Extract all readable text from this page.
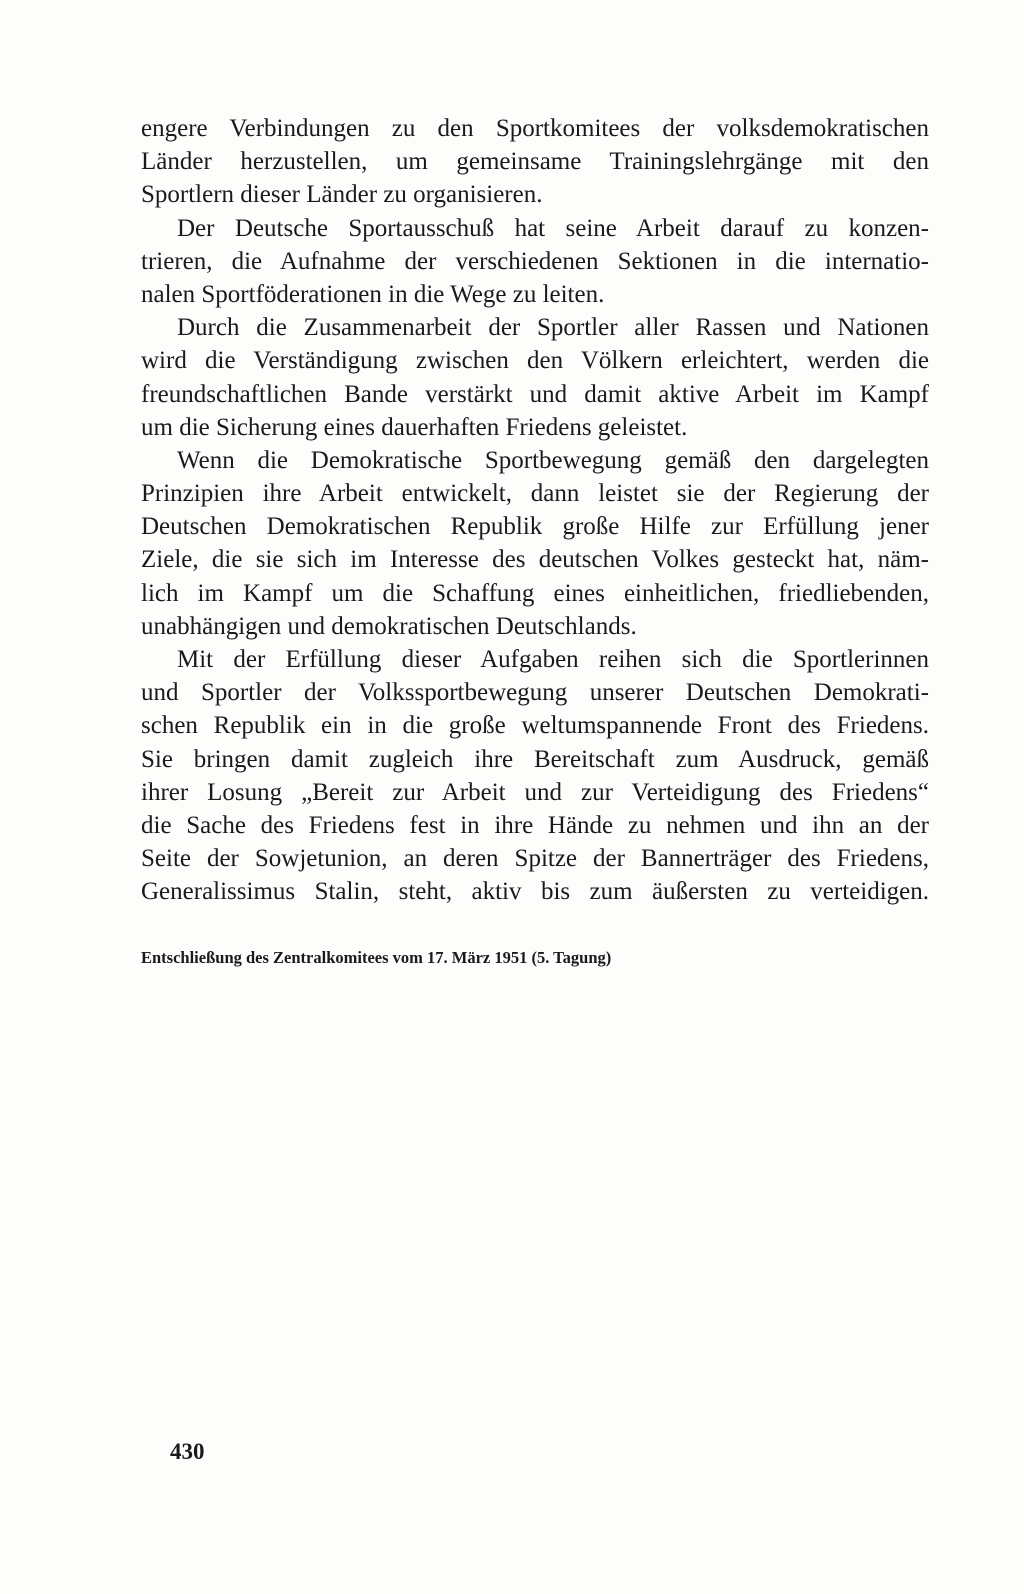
engere Verbindungen zu den Sportkomitees der volksdemokratischen
Länder herzustellen, um gemeinsame Trainingslehrgänge mit den
Sportlern dieser Länder zu organisieren.
Der Deutsche Sportausschuß hat seine Arbeit darauf zu konzen-
trieren, die Aufnahme der verschiedenen Sektionen in die internatio-
nalen Sportföderationen in die Wege zu leiten.
Durch die Zusammenarbeit der Sportler aller Rassen und Nationen
wird die Verständigung zwischen den Völkern erleichtert, werden die
freundschaftlichen Bande verstärkt und damit aktive Arbeit im Kampf
um die Sicherung eines dauerhaften Friedens geleistet.
Wenn die Demokratische Sportbewegung gemäß den dargelegten
Prinzipien ihre Arbeit entwickelt, dann leistet sie der Regierung der
Deutschen Demokratischen Republik große Hilfe zur Erfüllung jener
Ziele, die sie sich im Interesse des deutschen Volkes gesteckt hat, näm-
lich im Kampf um die Schaffung eines einheitlichen, friedliebenden,
unabhängigen und demokratischen Deutschlands.
Mit der Erfüllung dieser Aufgaben reihen sich die Sportlerinnen
und Sportler der Volkssportbewegung unserer Deutschen Demokrati-
schen Republik ein in die große weltumspannende Front des Friedens.
Sie bringen damit zugleich ihre Bereitschaft zum Ausdruck, gemäß
ihrer Losung „Bereit zur Arbeit und zur Verteidigung des Friedens“
die Sache des Friedens fest in ihre Hände zu nehmen und ihn an der
Seite der Sowjetunion, an deren Spitze der Bannerträger des Friedens,
Generalissimus Stalin, steht, aktiv bis zum äußersten zu verteidigen.
Entschließung des Zentralkomitees vom 17. März 1951 (5. Tagung)
430
